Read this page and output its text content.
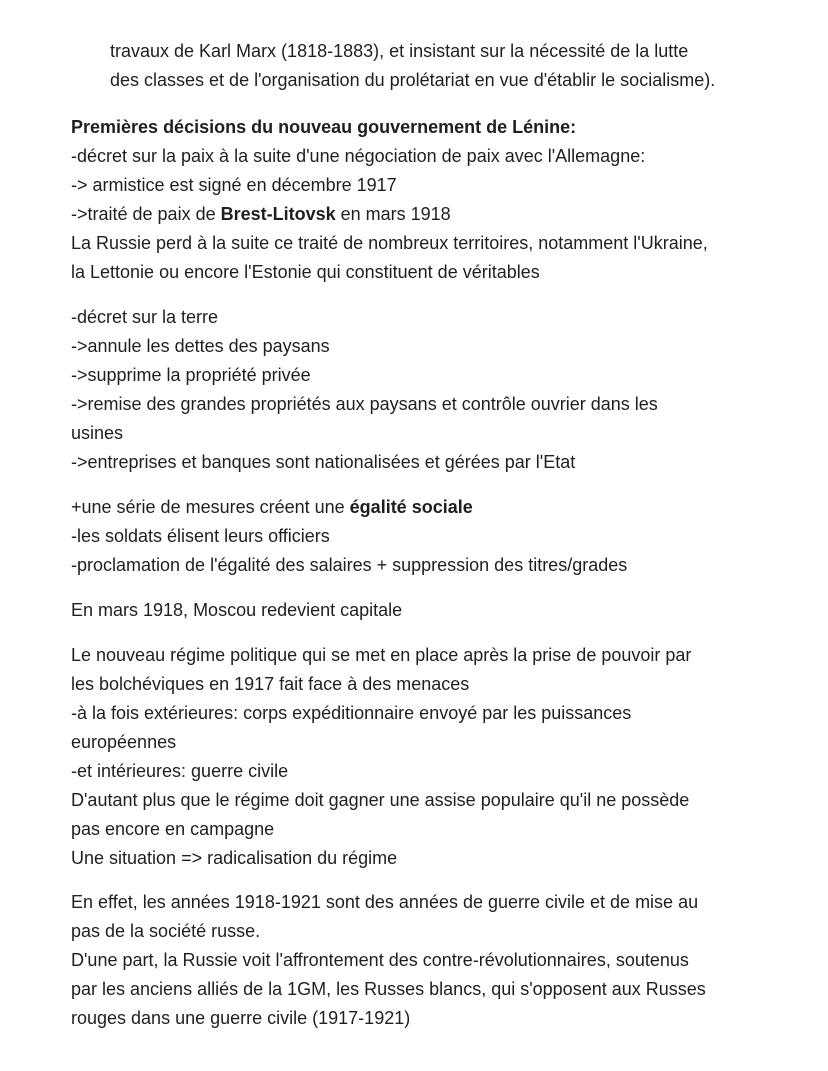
travaux de Karl Marx (1818-1883), et insistant sur la nécessité de la lutte
des classes et de l'organisation du prolétariat en vue d'établir le socialisme).
Premières décisions du nouveau gouvernement de Lénine:
-décret sur la paix à la suite d'une négociation de paix avec l'Allemagne:
-> armistice est signé en décembre 1917
->traité de paix de Brest-Litovsk en mars 1918
La Russie perd à la suite ce traité de nombreux territoires, notamment l'Ukraine,
la Lettonie ou encore l'Estonie qui constituent de véritables
-décret sur la terre
->annule les dettes des paysans
->supprime la propriété privée
->remise des grandes propriétés aux paysans et contrôle ouvrier dans les
usines
->entreprises et banques sont nationalisées et gérées par l'Etat
+une série de mesures créent une égalité sociale
-les soldats élisent leurs officiers
-proclamation de l'égalité des salaires + suppression des titres/grades
En mars 1918, Moscou redevient capitale
Le nouveau régime politique qui se met en place après la prise de pouvoir par
les bolchéviques en 1917 fait face à des menaces
-à la fois extérieures: corps expéditionnaire envoyé par les puissances
européennes
-et intérieures: guerre civile
D'autant plus que le régime doit gagner une assise populaire qu'il ne possède
pas encore en campagne
Une situation => radicalisation du régime
En effet, les années 1918-1921 sont des années de guerre civile et de mise au
pas de la société russe.
D'une part, la Russie voit l'affrontement des contre-révolutionnaires, soutenus
par les anciens alliés de la 1GM, les Russes blancs, qui s'opposent aux Russes
rouges dans une guerre civile (1917-1921)
